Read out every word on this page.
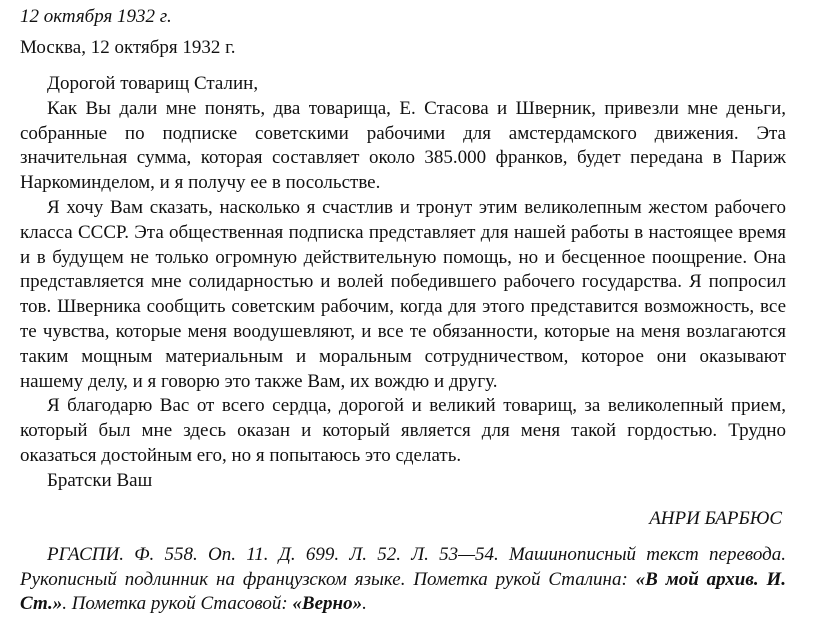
12 октября 1932 г.

Москва, 12 октября 1932 г.

Дорогой товарищ Сталин,

Как Вы дали мне понять, два товарища, Е. Стасова и Шверник, привезли мне деньги, собранные по подписке советскими рабочими для амстердамского движения. Эта значительная сумма, которая составляет около 385.000 франков, будет передана в Париж Наркоминделом, и я получу ее в посольстве.

Я хочу Вам сказать, насколько я счастлив и тронут этим великолепным жестом рабочего класса СССР. Эта общественная подписка представляет для нашей работы в настоящее время и в будущем не только огромную действительную помощь, но и бесценное поощрение. Она представляется мне солидарностью и волей победившего рабочего государства. Я попросил тов. Шверника сообщить советским рабочим, когда для этого представится возможность, все те чувства, которые меня воодушевляют, и все те обязанности, которые на меня возлагаются таким мощным материальным и моральным сотрудничеством, которое они оказывают нашему делу, и я говорю это также Вам, их вождю и другу.

Я благодарю Вас от всего сердца, дорогой и великий товарищ, за великолепный прием, который был мне здесь оказан и который является для меня такой гордостью. Трудно оказаться достойным его, но я попытаюсь это сделать.

Братски Ваш

АНРИ БАРБЮС

РГАСПИ. Ф. 558. Оп. 11. Д. 699. Л. 52. Л. 53—54. Машинописный текст перевода. Рукописный подлинник на французском языке. Пометка рукой Сталина: «В мой архив. И. Ст.». Пометка рукой Стасовой: «Верно».
